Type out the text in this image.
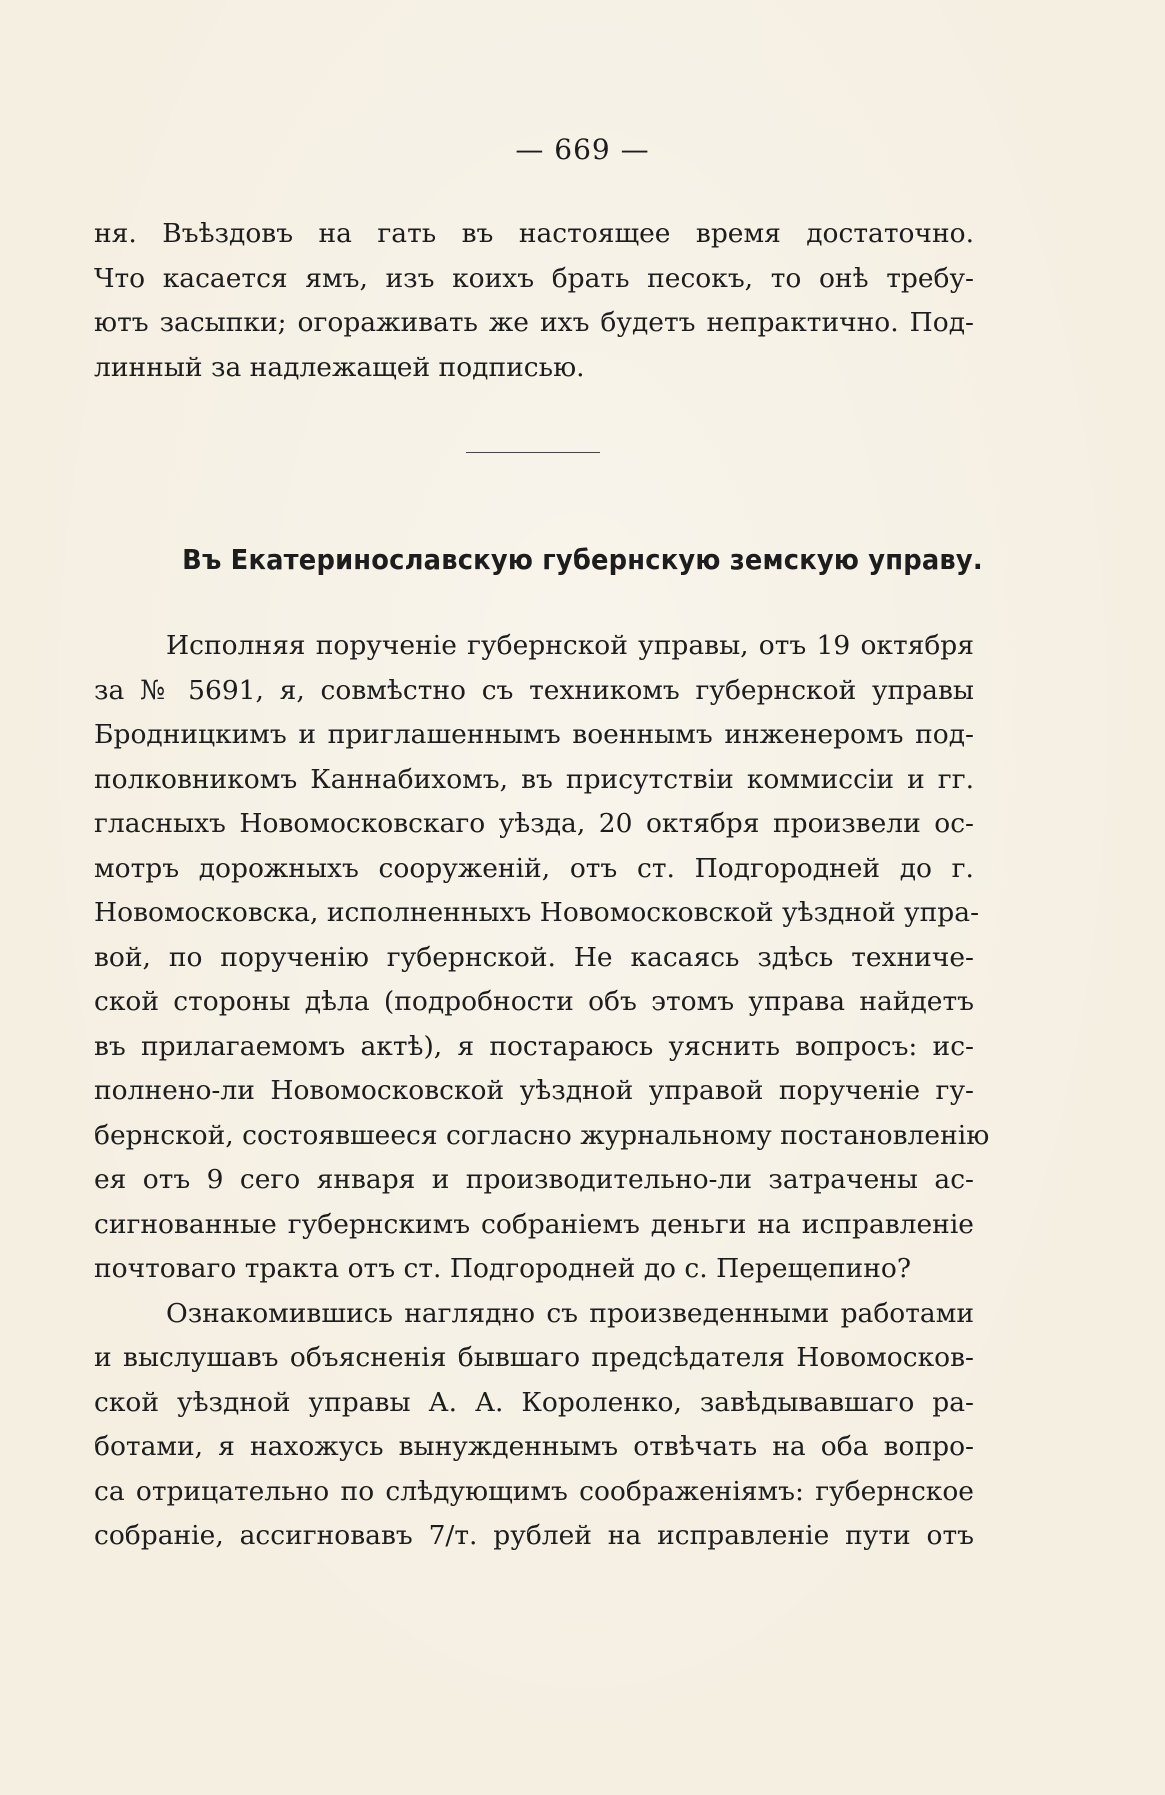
— 669 —
ня. Въѣздовъ на гать въ настоящее время достаточно.
Что касается ямъ, изъ коихъ брать песокъ, то онѣ требу-
ютъ засыпки; огораживать же ихъ будетъ непрактично. Под-
линный за надлежащей подписью.
Въ Екатеринославскую губернскую земскую управу.
Исполняя порученіе губернской управы, отъ 19 октября
за № 5691, я, совмѣстно съ техникомъ губернской управы
Бродницкимъ и приглашеннымъ военнымъ инженеромъ под-
полковникомъ Каннабихомъ, въ присутствіи коммиссіи и гг.
гласныхъ Новомосковскаго уѣзда, 20 октября произвели ос-
мотръ дорожныхъ сооруженій, отъ ст. Подгородней до г.
Новомосковска, исполненныхъ Новомосковской уѣздной упра-
вой, по порученію губернской. Не касаясь здѣсь техниче-
ской стороны дѣла (подробности объ этомъ управа найдетъ
въ прилагаемомъ актѣ), я постараюсь уяснить вопросъ: ис-
полнено-ли Новомосковской уѣздной управой порученіе гу-
бернской, состоявшееся согласно журнальному постановленію
ея отъ 9 сего января и производительно-ли затрачены ас-
сигнованные губернскимъ собраніемъ деньги на исправленіе
почтоваго тракта отъ ст. Подгородней до с. Перещепино?
Ознакомившись наглядно съ произведенными работами
и выслушавъ объясненія бывшаго предсѣдателя Новомосков-
ской уѣздной управы А. А. Короленко, завѣдывавшаго ра-
ботами, я нахожусь вынужденнымъ отвѣчать на оба вопро-
са отрицательно по слѣдующимъ соображеніямъ: губернское
собраніе, ассигновавъ 7/т. рублей на исправленіе пути отъ
